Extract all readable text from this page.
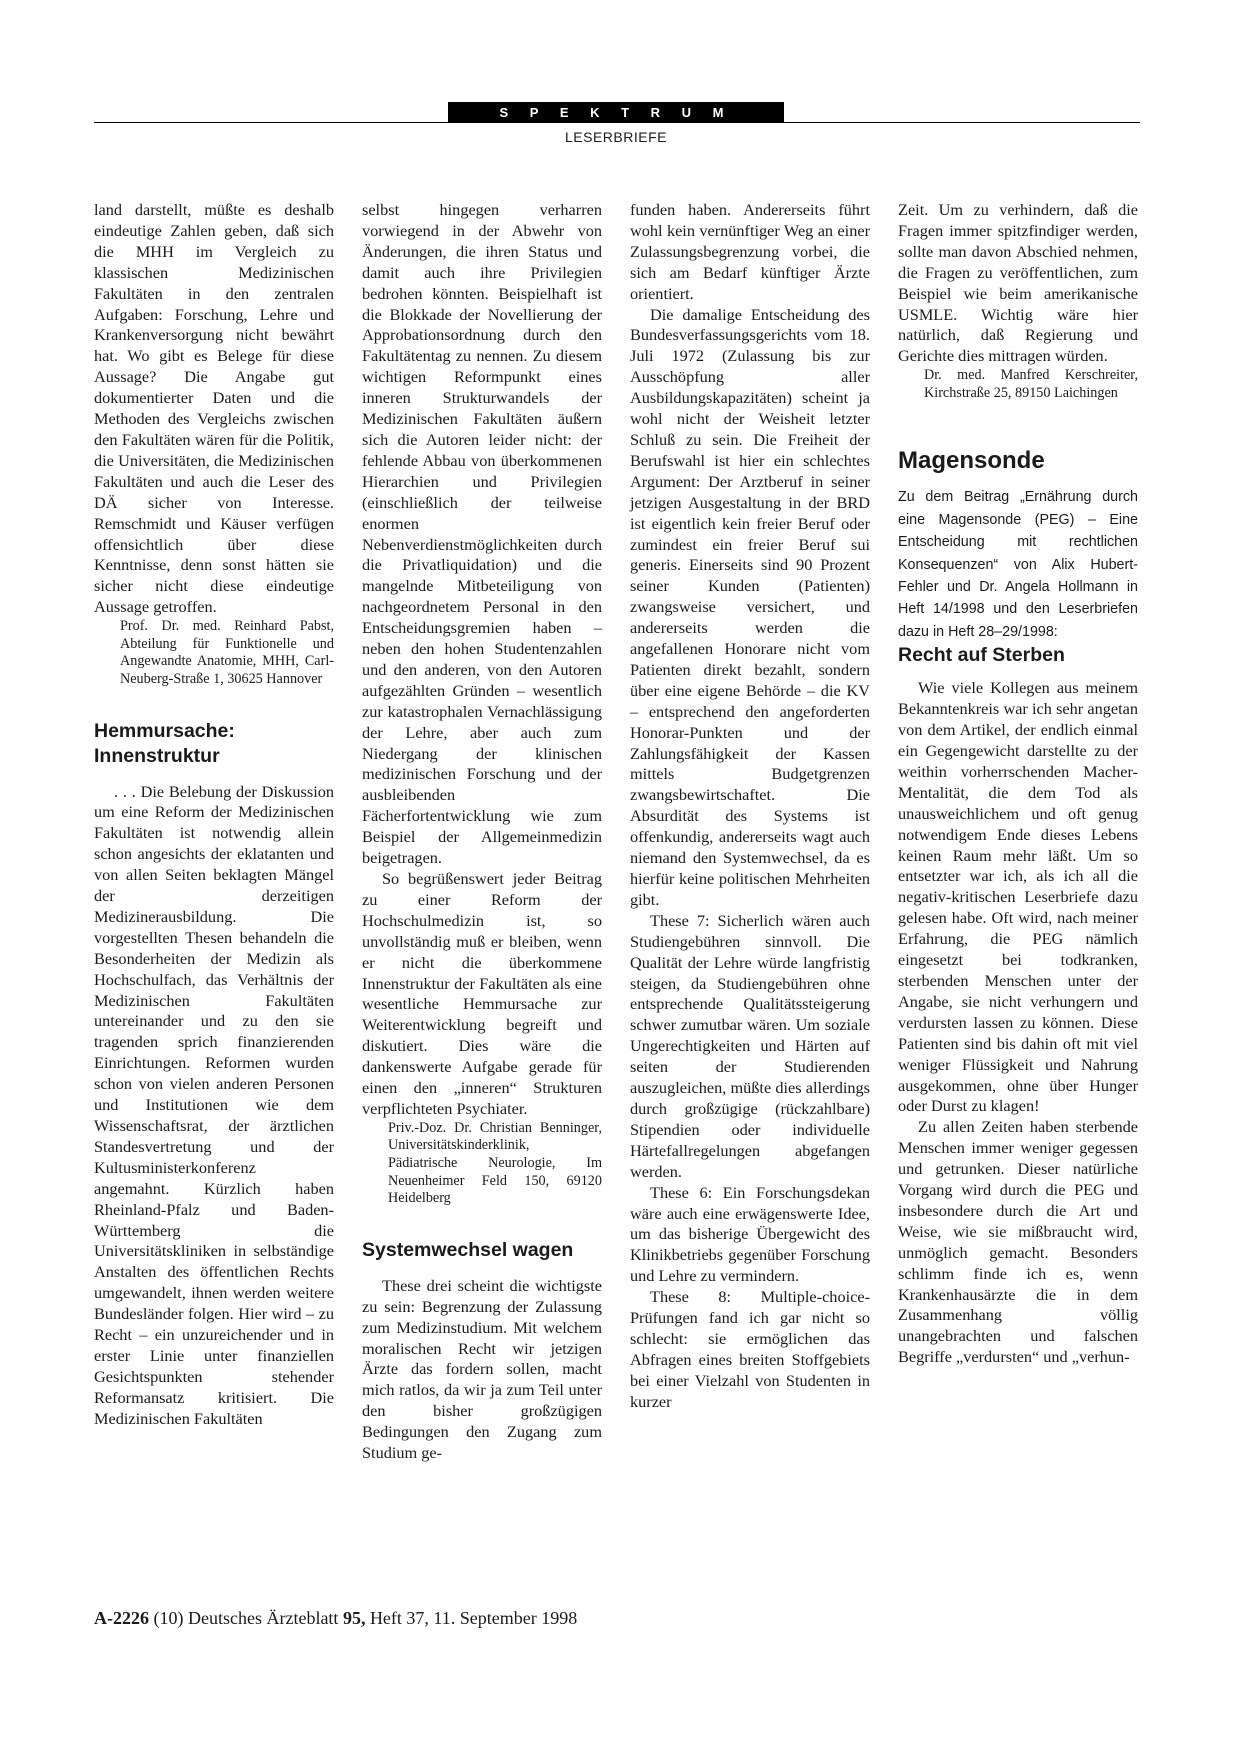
S P E K T R U M
LESERBRIEFE

land darstellt, müßte es deshalb eindeutige Zahlen geben, daß sich die MHH im Vergleich zu klassischen Medizinischen Fakultäten in den zentralen Aufgaben: Forschung, Lehre und Krankenversorgung nicht bewährt hat. Wo gibt es Belege für diese Aussage? Die Angabe gut dokumentierter Daten und die Methoden des Vergleichs zwischen den Fakultäten wären für die Politik, die Universitäten, die Medizinischen Fakultäten und auch die Leser des DÄ sicher von Interesse. Remschmidt und Käuser verfügen offensichtlich über diese Kenntnisse, denn sonst hätten sie sicher nicht diese eindeutige Aussage getroffen.

Prof. Dr. med. Reinhard Pabst, Abteilung für Funktionelle und Angewandte Anatomie, MHH, Carl-Neuberg-Straße 1, 30625 Hannover

Hemmursache: Innenstruktur

. . . Die Belebung der Diskussion um eine Reform der Medizinischen Fakultäten ist notwendig allein schon angesichts der eklatanten und von allen Seiten beklagten Mängel der derzeitigen Medizinerausbildung. Die vorgestellten Thesen behandeln die Besonderheiten der Medizin als Hochschulfach, das Verhältnis der Medizinischen Fakultäten untereinander und zu den sie tragenden sprich finanzierenden Einrichtungen. Reformen wurden schon von vielen anderen Personen und Institutionen wie dem Wissenschaftsrat, der ärztlichen Standesvertretung und der Kultusministerkonferenz angemahnt. Kürzlich haben Rheinland-Pfalz und Baden-Württemberg die Universitätskliniken in selbständige Anstalten des öffentlichen Rechts umgewandelt, ihnen werden weitere Bundesländer folgen. Hier wird – zu Recht – ein unzureichender und in erster Linie unter finanziellen Gesichtspunkten stehender Reformansatz kritisiert. Die Medizinischen Fakultäten

selbst hingegen verharren vorwiegend in der Abwehr von Änderungen, die ihren Status und damit auch ihre Privilegien bedrohen könnten. Beispielhaft ist die Blokkade der Novellierung der Approbationsordnung durch den Fakultätentag zu nennen. Zu diesem wichtigen Reformpunkt eines inneren Strukturwandels der Medizinischen Fakultäten äußern sich die Autoren leider nicht: der fehlende Abbau von überkommenen Hierarchien und Privilegien (einschließlich der teilweise enormen Nebenverdienstmöglichkeiten durch die Privatliquidation) und die mangelnde Mitbeteiligung von nachgeordnetem Personal in den Entscheidungsgremien haben – neben den hohen Studentenzahlen und den anderen, von den Autoren aufgezählten Gründen – wesentlich zur katastrophalen Vernachlässigung der Lehre, aber auch zum Niedergang der klinischen medizinischen Forschung und der ausbleibenden Fächerfortentwicklung wie zum Beispiel der Allgemeinmedizin beigetragen.

So begrüßenswert jeder Beitrag zu einer Reform der Hochschulmedizin ist, so unvollständig muß er bleiben, wenn er nicht die überkommene Innenstruktur der Fakultäten als eine wesentliche Hemmursache zur Weiterentwicklung begreift und diskutiert. Dies wäre die dankenswerte Aufgabe gerade für einen den „inneren“ Strukturen verpflichteten Psychiater.

Priv.-Doz. Dr. Christian Benninger, Universitätskinderklinik, Pädiatrische Neurologie, Im Neuenheimer Feld 150, 69120 Heidelberg

Systemwechsel wagen

These drei scheint die wichtigste zu sein: Begrenzung der Zulassung zum Medizinstudium. Mit welchem moralischen Recht wir jetzigen Ärzte das fordern sollen, macht mich ratlos, da wir ja zum Teil unter den bisher großzügigen Bedingungen den Zugang zum Studium ge-

funden haben. Andererseits führt wohl kein vernünftiger Weg an einer Zulassungsbegrenzung vorbei, die sich am Bedarf künftiger Ärzte orientiert.

Die damalige Entscheidung des Bundesverfassungsgerichts vom 18. Juli 1972 (Zulassung bis zur Ausschöpfung aller Ausbildungskapazitäten) scheint ja wohl nicht der Weisheit letzter Schluß zu sein. Die Freiheit der Berufswahl ist hier ein schlechtes Argument: Der Arztberuf in seiner jetzigen Ausgestaltung in der BRD ist eigentlich kein freier Beruf oder zumindest ein freier Beruf sui generis. Einerseits sind 90 Prozent seiner Kunden (Patienten) zwangsweise versichert, und andererseits werden die angefallenen Honorare nicht vom Patienten direkt bezahlt, sondern über eine eigene Behörde – die KV – entsprechend den angeforderten Honorar-Punkten und der Zahlungsfähigkeit der Kassen mittels Budgetgrenzen zwangsbewirtschaftet. Die Absurdität des Systems ist offenkundig, andererseits wagt auch niemand den Systemwechsel, da es hierfür keine politischen Mehrheiten gibt.

These 7: Sicherlich wären auch Studiengebühren sinnvoll. Die Qualität der Lehre würde langfristig steigen, da Studiengebühren ohne entsprechende Qualitätssteigerung schwer zumutbar wären. Um soziale Ungerechtigkeiten und Härten auf seiten der Studierenden auszugleichen, müßte dies allerdings durch großzügige (rückzahlbare) Stipendien oder individuelle Härtefallregelungen abgefangen werden.

These 6: Ein Forschungsdekan wäre auch eine erwägenswerte Idee, um das bisherige Übergewicht des Klinikbetriebs gegenüber Forschung und Lehre zu vermindern.

These 8: Multiple-choice-Prüfungen fand ich gar nicht so schlecht: sie ermöglichen das Abfragen eines breiten Stoffgebiets bei einer Vielzahl von Studenten in kurzer

Zeit. Um zu verhindern, daß die Fragen immer spitzfindiger werden, sollte man davon Abschied nehmen, die Fragen zu veröffentlichen, zum Beispiel wie beim amerikanische USMLE. Wichtig wäre hier natürlich, daß Regierung und Gerichte dies mittragen würden.

Dr. med. Manfred Kerschreiter, Kirchstraße 25, 89150 Laichingen

Magensonde

Zu dem Beitrag „Ernährung durch eine Magensonde (PEG) – Eine Entscheidung mit rechtlichen Konsequenzen“ von Alix Hubert-Fehler und Dr. Angela Hollmann in Heft 14/1998 und den Leserbriefen dazu in Heft 28–29/1998:

Recht auf Sterben

Wie viele Kollegen aus meinem Bekanntenkreis war ich sehr angetan von dem Artikel, der endlich einmal ein Gegengewicht darstellte zu der weithin vorherrschenden Macher-Mentalität, die dem Tod als unausweichlichem und oft genug notwendigem Ende dieses Lebens keinen Raum mehr läßt. Um so entsetzter war ich, als ich all die negativ-kritischen Leserbriefe dazu gelesen habe. Oft wird, nach meiner Erfahrung, die PEG nämlich eingesetzt bei todkranken, sterbenden Menschen unter der Angabe, sie nicht verhungern und verdursten lassen zu können. Diese Patienten sind bis dahin oft mit viel weniger Flüssigkeit und Nahrung ausgekommen, ohne über Hunger oder Durst zu klagen!

Zu allen Zeiten haben sterbende Menschen immer weniger gegessen und getrunken. Dieser natürliche Vorgang wird durch die PEG und insbesondere durch die Art und Weise, wie sie mißbraucht wird, unmöglich gemacht. Besonders schlimm finde ich es, wenn Krankenhausärzte die in dem Zusammenhang völlig unangebrachten und falschen Begriffe „verdursten“ und „verhun-

A-2226 (10) Deutsches Ärzteblatt 95, Heft 37, 11. September 1998
